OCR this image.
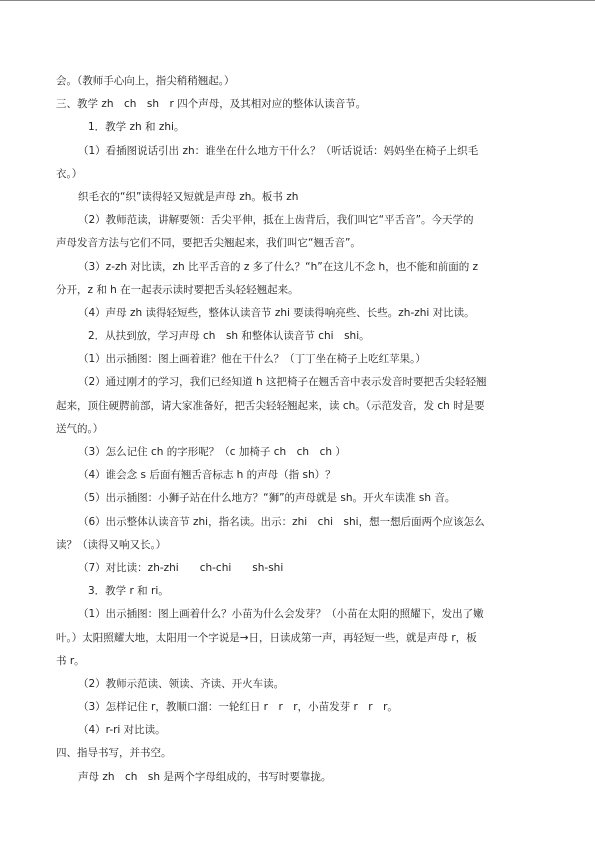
会。（教师手心向上，指尖稍稍翘起。）
三、教学 zh　ch　sh　r 四个声母，及其相对应的整体认读音节。
1．教学 zh 和 zhi。
（1）看插图说话引出 zh：谁坐在什么地方干什么？（听话说话：妈妈坐在椅子上织毛
衣。）
织毛衣的“织”读得轻又短就是声母 zh。板书 zh
（2）教师范读，讲解要领：舌尖平伸，抵在上齿背后，我们叫它“平舌音”。今天学的
声母发音方法与它们不同，要把舌尖翘起来，我们叫它“翘舌音”。
（3）z-zh 对比读，zh 比平舌音的 z 多了什么？“h”在这儿不念 h，也不能和前面的 z
分开，z 和 h 在一起表示读时要把舌头轻轻翘起来。
（4）声母 zh 读得轻短些，整体认读音节 zhi 要读得响亮些、长些。zh-zhi 对比读。
2．从扶到放，学习声母 ch　sh 和整体认读音节 chi　shi。
（1）出示插图：图上画着谁？他在干什么？（丁丁坐在椅子上吃红苹果。）
（2）通过刚才的学习，我们已经知道 h 这把椅子在翘舌音中表示发音时要把舌尖轻轻翘
起来，顶住硬腭前部，请大家准备好，把舌尖轻轻翘起来，读 ch。（示范发音，发 ch 时是要
送气的。）
（3）怎么记住 ch 的字形呢？（c 加椅子 ch　ch　ch ）
（4）谁会念 s 后面有翘舌音标志 h 的声母（指 sh）？
（5）出示插图：小狮子站在什么地方？“狮”的声母就是 sh。开火车读准 sh 音。
（6）出示整体认读音节 zhi，指名读。出示：zhi　chi　shi，想一想后面两个应该怎么
读？（读得又响又长。）
（7）对比读：zh-zhi　　ch-chi　　sh-shi
3．教学 r 和 ri。
（1）出示插图：图上画着什么？小苗为什么会发芽？（小苗在太阳的照耀下，发出了嫩
叶。）太阳照耀大地，太阳用一个字说是→日，日读成第一声，再轻短一些，就是声母 r，板
书 r。
（2）教师示范读、领读、齐读、开火车读。
（3）怎样记住 r，教顺口溜：一轮红日 r　r　r，小苗发芽 r　r　r。
（4）r-ri 对比读。
四、指导书写，并书空。
声母 zh　ch　sh 是两个字母组成的，书写时要靠拢。
